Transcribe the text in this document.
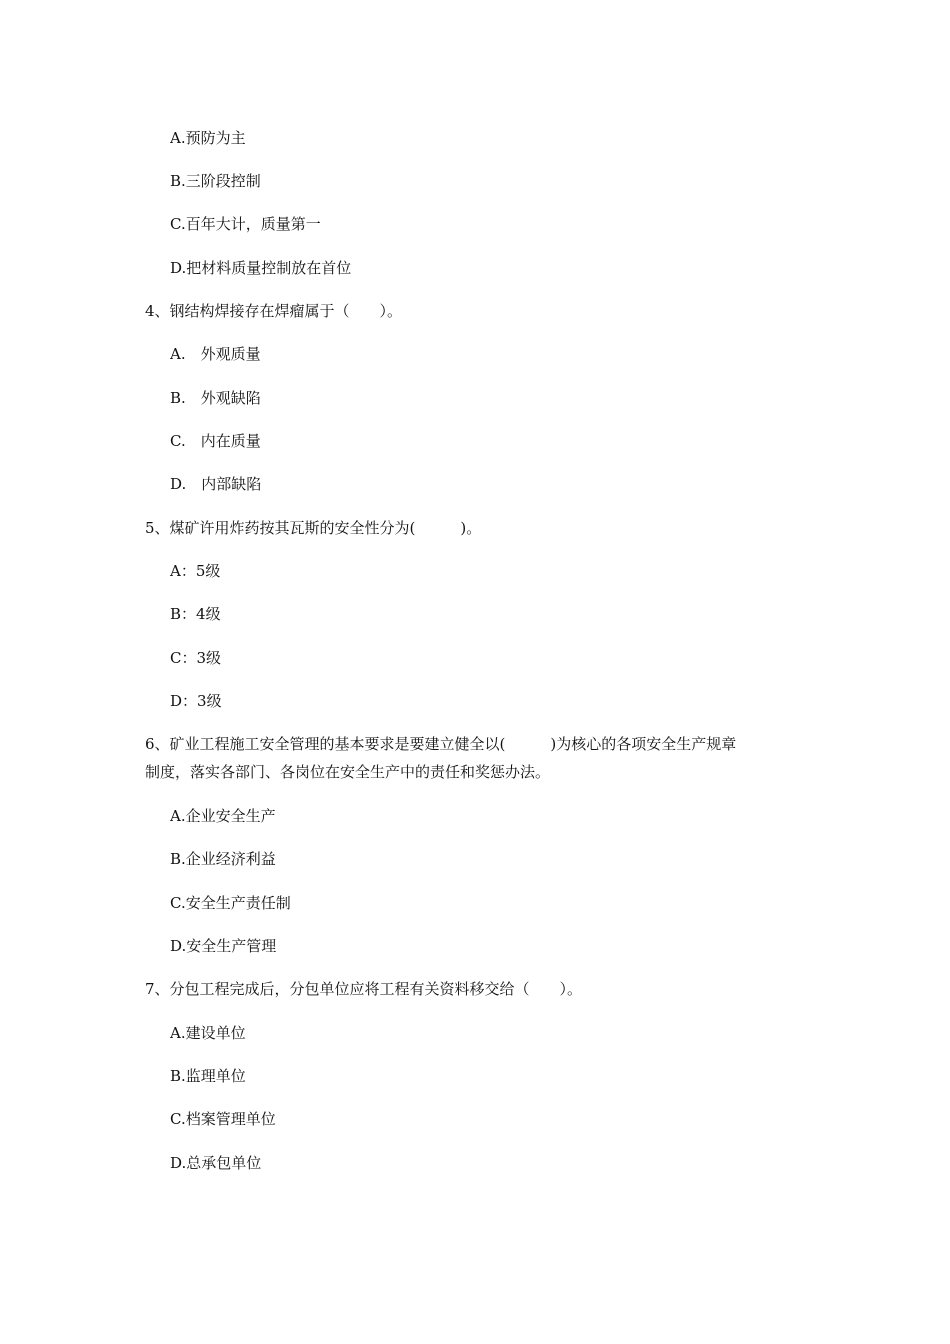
A.预防为主
B.三阶段控制
C.百年大计，质量第一
D.把材料质量控制放在首位
4、钢结构焊接存在焊瘤属于（　　）。
A.　外观质量
B.　外观缺陷
C.　内在质量
D.　内部缺陷
5、煤矿许用炸药按其瓦斯的安全性分为(　　　)。
A：5级
B：4级
C：3级
D：3级
6、矿业工程施工安全管理的基本要求是要建立健全以(　　　)为核心的各项安全生产规章
制度，落实各部门、各岗位在安全生产中的责任和奖惩办法。
A.企业安全生产
B.企业经济利益
C.安全生产责任制
D.安全生产管理
7、分包工程完成后，分包单位应将工程有关资料移交给（　　）。
A.建设单位
B.监理单位
C.档案管理单位
D.总承包单位
